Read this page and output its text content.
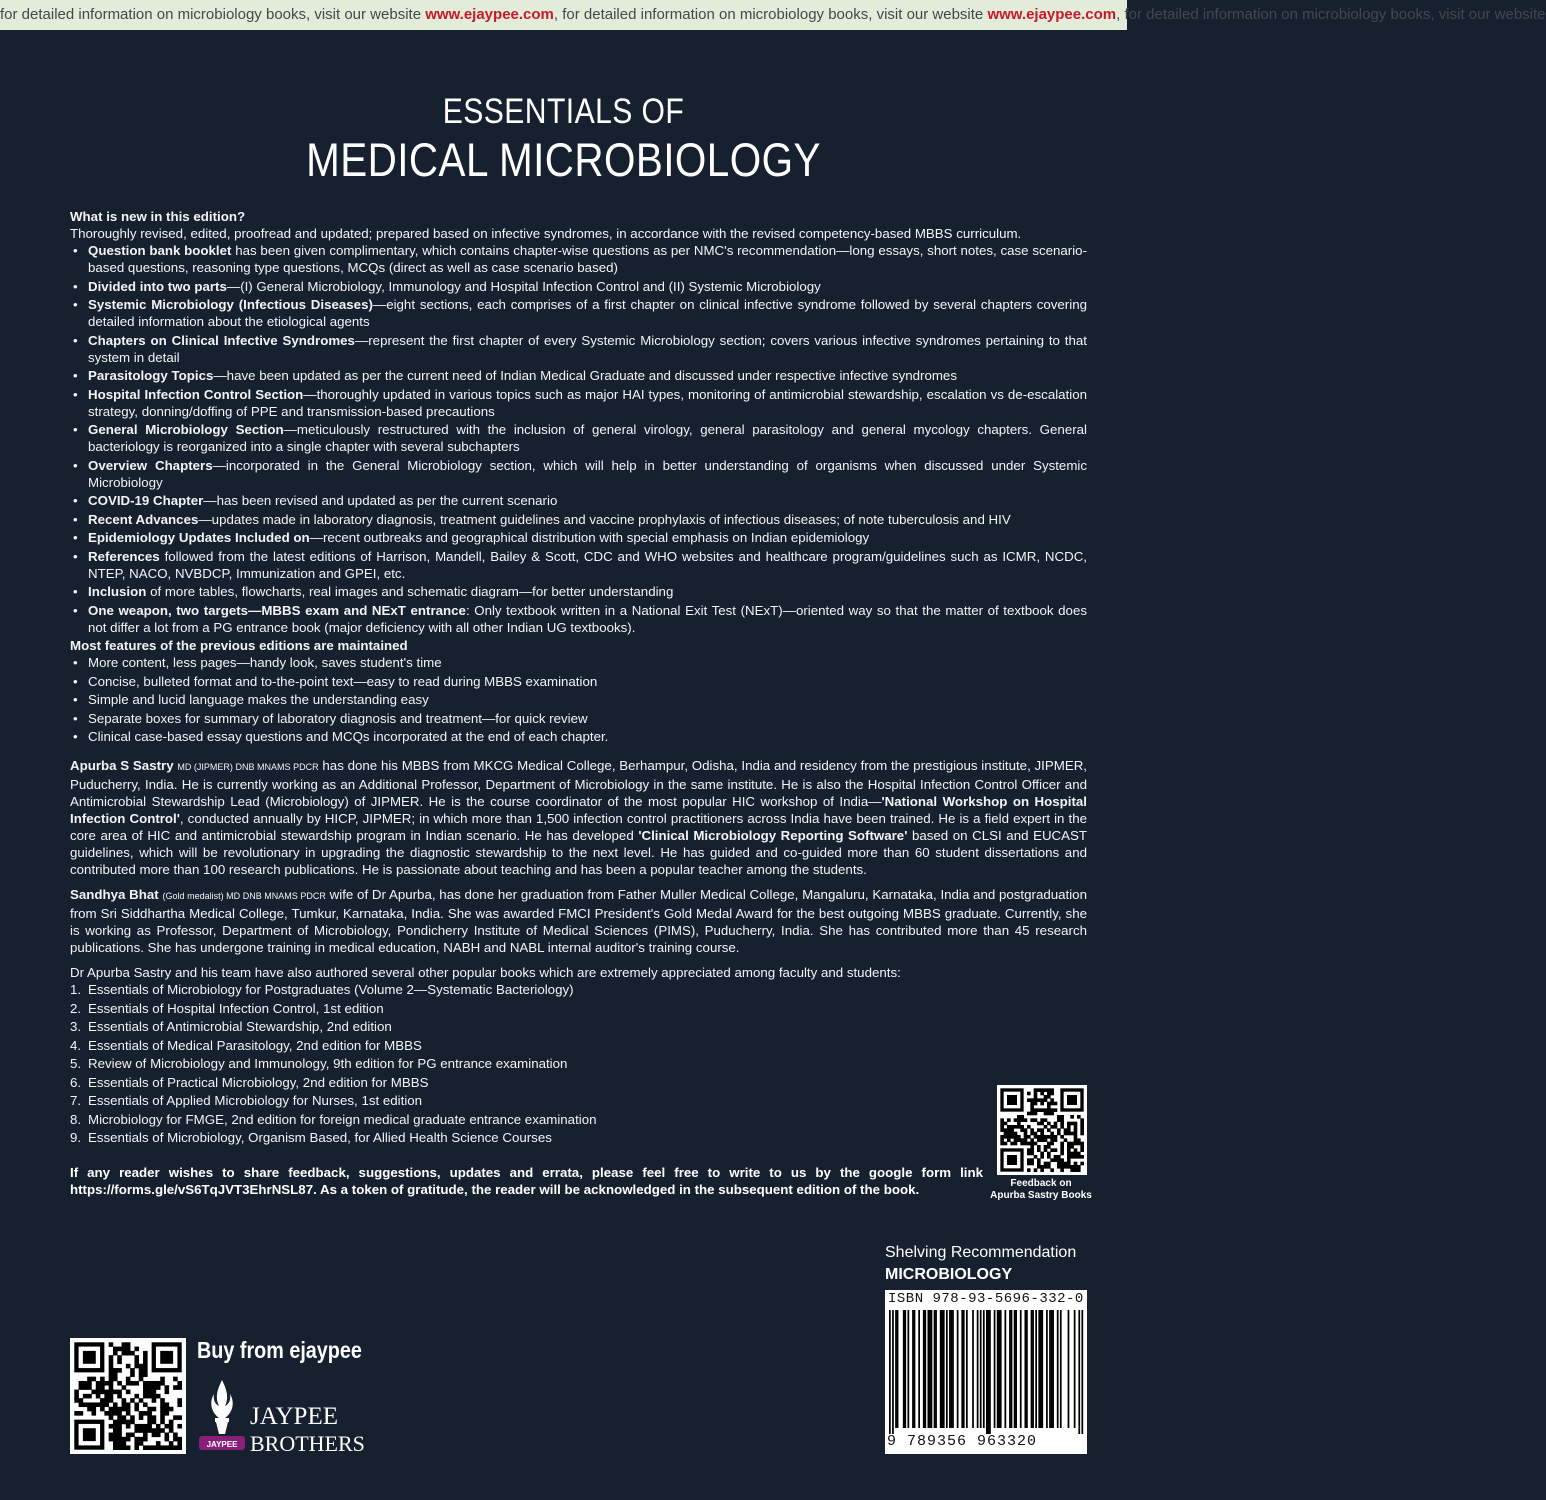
for detailed information on microbiology books, visit our website www.ejaypee.com, for detailed information on microbiology books, visit our website www.ejaypee.com, for detailed information on microbiology books, visit our website
ESSENTIALS OF
MEDICAL MICROBIOLOGY

What is new in this edition?

Thoroughly revised, edited, proofread and updated; prepared based on infective syndromes, in accordance with the revised competency-based MBBS curriculum.

• Question bank booklet has been given complimentary, which contains chapter-wise questions as per NMC's recommendation—long essays, short notes, case scenario-based questions, reasoning type questions, MCQs (direct as well as case scenario based)
• Divided into two parts—(I) General Microbiology, Immunology and Hospital Infection Control and (II) Systemic Microbiology
• Systemic Microbiology (Infectious Diseases)—eight sections, each comprises of a first chapter on clinical infective syndrome followed by several chapters covering detailed information about the etiological agents
• Chapters on Clinical Infective Syndromes—represent the first chapter of every Systemic Microbiology section; covers various infective syndromes pertaining to that system in detail
• Parasitology Topics—have been updated as per the current need of Indian Medical Graduate and discussed under respective infective syndromes
• Hospital Infection Control Section—thoroughly updated in various topics such as major HAI types, monitoring of antimicrobial stewardship, escalation vs de-escalation strategy, donning/doffing of PPE and transmission-based precautions
• General Microbiology Section—meticulously restructured with the inclusion of general virology, general parasitology and general mycology chapters. General bacteriology is reorganized into a single chapter with several subchapters
• Overview Chapters—incorporated in the General Microbiology section, which will help in better understanding of organisms when discussed under Systemic Microbiology
• COVID-19 Chapter—has been revised and updated as per the current scenario
• Recent Advances—updates made in laboratory diagnosis, treatment guidelines and vaccine prophylaxis of infectious diseases; of note tuberculosis and HIV
• Epidemiology Updates Included on—recent outbreaks and geographical distribution with special emphasis on Indian epidemiology
• References followed from the latest editions of Harrison, Mandell, Bailey & Scott, CDC and WHO websites and healthcare program/guidelines such as ICMR, NCDC, NTEP, NACO, NVBDCP, Immunization and GPEI, etc.
• Inclusion of more tables, flowcharts, real images and schematic diagram—for better understanding
• One weapon, two targets—MBBS exam and NExT entrance: Only textbook written in a National Exit Test (NExT)—oriented way so that the matter of textbook does not differ a lot from a PG entrance book (major deficiency with all other Indian UG textbooks).

Most features of the previous editions are maintained

• More content, less pages—handy look, saves student's time
• Concise, bulleted format and to-the-point text—easy to read during MBBS examination
• Simple and lucid language makes the understanding easy
• Separate boxes for summary of laboratory diagnosis and treatment—for quick review
• Clinical case-based essay questions and MCQs incorporated at the end of each chapter.

Apurba S Sastry MD (JIPMER) DNB MNAMS PDCR has done his MBBS from MKCG Medical College, Berhampur, Odisha, India and residency from the prestigious institute, JIPMER, Puducherry, India. He is currently working as an Additional Professor, Department of Microbiology in the same institute. He is also the Hospital Infection Control Officer and Antimicrobial Stewardship Lead (Microbiology) of JIPMER. He is the course coordinator of the most popular HIC workshop of India—'National Workshop on Hospital Infection Control', conducted annually by HICP, JIPMER; in which more than 1,500 infection control practitioners across India have been trained. He is a field expert in the core area of HIC and antimicrobial stewardship program in Indian scenario. He has developed 'Clinical Microbiology Reporting Software' based on CLSI and EUCAST guidelines, which will be revolutionary in upgrading the diagnostic stewardship to the next level. He has guided and co-guided more than 60 student dissertations and contributed more than 100 research publications. He is passionate about teaching and has been a popular teacher among the students.

Sandhya Bhat (Gold medalist) MD DNB MNAMS PDCR wife of Dr Apurba, has done her graduation from Father Muller Medical College, Mangaluru, Karnataka, India and postgraduation from Sri Siddhartha Medical College, Tumkur, Karnataka, India. She was awarded FMCI President's Gold Medal Award for the best outgoing MBBS graduate. Currently, she is working as Professor, Department of Microbiology, Pondicherry Institute of Medical Sciences (PIMS), Puducherry, India. She has contributed more than 45 research publications. She has undergone training in medical education, NABH and NABL internal auditor's training course.

Dr Apurba Sastry and his team have also authored several other popular books which are extremely appreciated among faculty and students:

1. Essentials of Microbiology for Postgraduates (Volume 2—Systematic Bacteriology)
2. Essentials of Hospital Infection Control, 1st edition
3. Essentials of Antimicrobial Stewardship, 2nd edition
4. Essentials of Medical Parasitology, 2nd edition for MBBS
5. Review of Microbiology and Immunology, 9th edition for PG entrance examination
6. Essentials of Practical Microbiology, 2nd edition for MBBS
7. Essentials of Applied Microbiology for Nurses, 1st edition
8. Microbiology for FMGE, 2nd edition for foreign medical graduate entrance examination
9. Essentials of Microbiology, Organism Based, for Allied Health Science Courses
If any reader wishes to share feedback, suggestions, updates and errata, please feel free to write to us by the google form link https://forms.gle/vS6TqJVT3EhrNSL87. As a token of gratitude, the reader will be acknowledged in the subsequent edition of the book.	Feedback on
Apurba Sastry Books
Shelving Recommendation
MICROBIOLOGY
ISBN 978-93-5696-332-0
9 789356 963320
Buy from ejaypee
JAYPEE
JAYPEE
BROTHERS
